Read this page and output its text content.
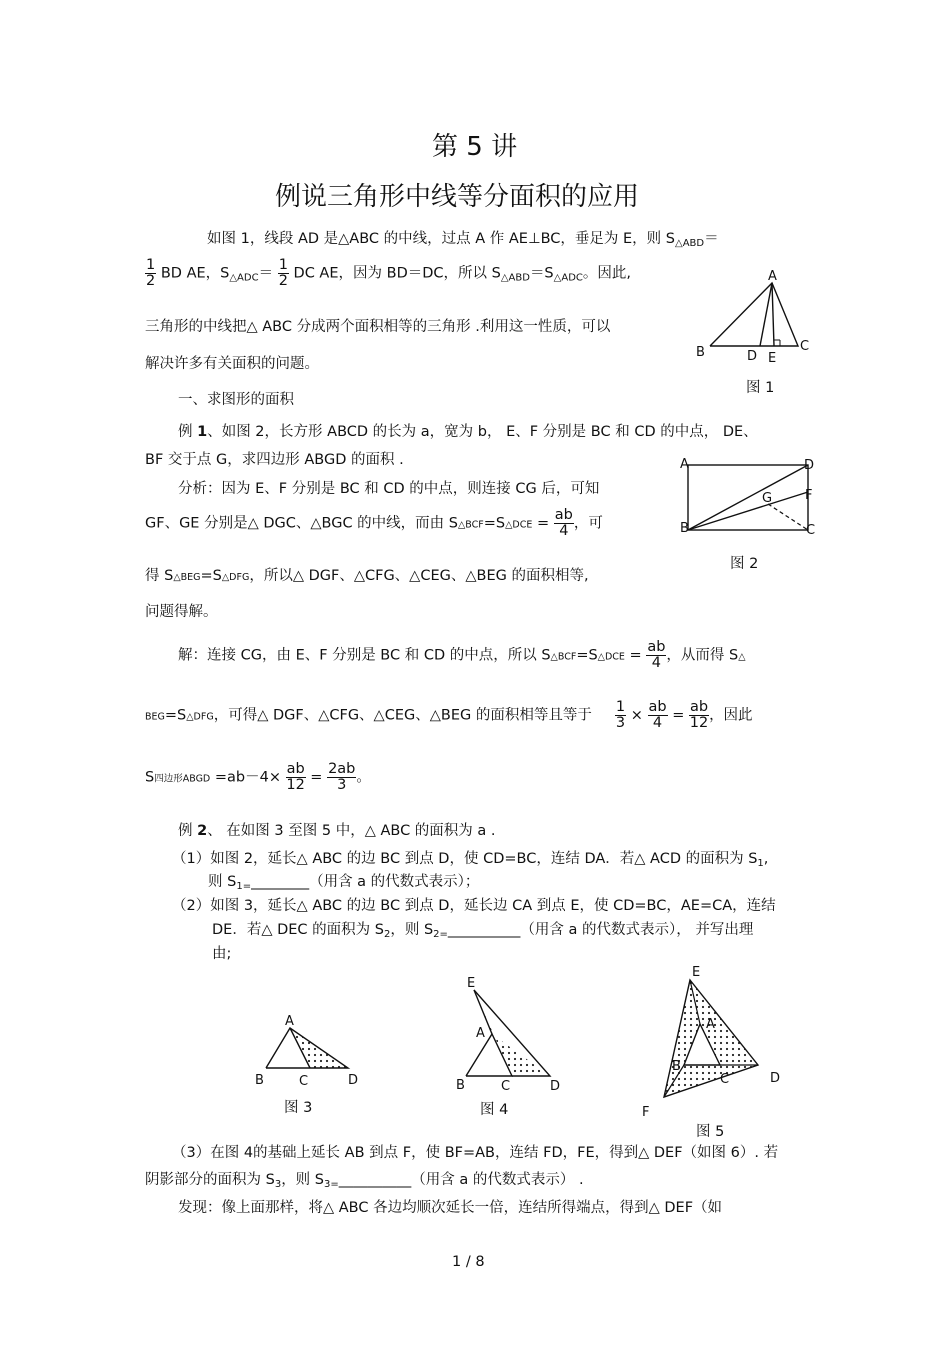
第 5 讲
例说三角形中线等分面积的应用
如图 1，线段 AD 是△ABC 的中线，过点 A 作 AE⊥BC，垂足为 E，则 $S_{\triangle ABD}=$
$\frac{1}{2}$ BD AE，$S_{\triangle ADC}= \frac{1}{2}$ DC AE，因为 BD＝DC，所以 $S_{\triangle ABD}=S_{\triangle ADC}$。因此,
三角形的中线把△ ABC 分成两个面积相等的三角形 .利用这一性质，可以
解决许多有关面积的问题。
A
B	D E
C
图 1
一、求图形的面积
例 1、如图 2，长方形 ABCD 的长为 a，宽为 b， E、F 分别是 BC 和 CD 的中点， DE、
BF 交于点 G，求四边形 ABGD 的面积 .
分析：因为 E、F 分别是 BC 和 CD 的中点，则连接 CG 后，可知
GF、GE 分别是△ DGC、△BGC 的中线，而由 S△BCF=S△DCE = $\frac{ab}{4}$ ，可
得 S△BEG=S△DFG，所以△ DGF、△CFG、△CEG、△BEG 的面积相等,
问题得解。
A	D
G	F
B	C
图 2
解：连接 CG，由 E、F 分别是 BC 和 CD 的中点，所以 S△BCF=S△DCE = $\frac{ab}{4}$ ，从而得 S△
BEG=S△DFG，可得△ DGF、△CFG、△CEG、△BEG 的面积相等且等于 $\frac{1}{3} \times \frac{ab}{4} = \frac{ab}{12}$ ，因此
S四边形ABGD $=ab-4\times \frac{ab}{12} = \frac{2ab}{3}$ 。
例 2、 在如图 3 至图 5 中，△ ABC 的面积为 a .
（1）如图 2，延长△ ABC 的边 BC 到点 D，使 CD=BC，连结 DA．若△ ACD 的面积为 $S_1$,
则 $S_{1=}\_\_\_\_\_\_\_\_$（用含 a 的代数式表示）；
（2）如图 3，延长△ ABC 的边 BC 到点 D，延长边 CA 到点 E，使 CD=BC，AE=CA，连结
DE．若△ DEC 的面积为 $S_2$，则 $S_{2=}\_\_\_\_\_\_\_\_\_\_$（用含 a 的代数式表示）， 并写出理
由;
A
B	C	D
图 3
E
A
B	C	D
图 4
E
A
B
C	D
F
图 5
（3）在图 4的基础上延长 AB 到点 F，使 BF=AB，连结 FD，FE，得到△ DEF（如图 6）. 若
阴影部分的面积为 $S_3$，则 $S_{3=}\_\_\_\_\_\_\_\_\_\_$（用含 a 的代数式表示） .
发现：像上面那样，将△ ABC 各边均顺次延长一倍，连结所得端点，得到△ DEF（如
1 / 8
